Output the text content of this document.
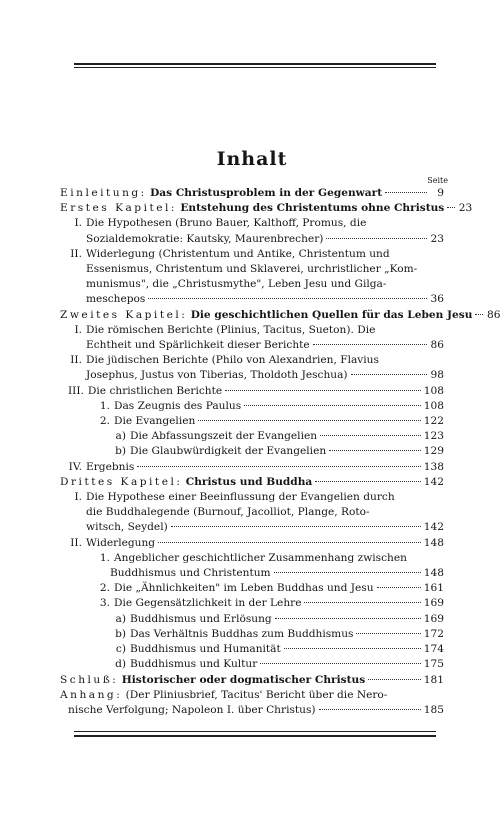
Inhalt
Seite
Einleitung: Das Christusproblem in der Gegenwart	9
Erstes Kapitel: Entstehung des Christentums ohne Christus 23
I. Die Hypothesen (Bruno Bauer, Kalthoff, Promus, die
Sozialdemokratie: Kautsky, Maurenbrecher)	23
II. Widerlegung (Christentum und Antike, Christentum und
Essenismus, Christentum und Sklaverei, urchristlicher „Kom-
munismus", die „Christusmythe", Leben Jesu und Gilga-
meschepos	36
Zweites Kapitel: Die geschichtlichen Quellen für das Leben Jesu 86
I. Die römischen Berichte (Plinius, Tacitus, Sueton). Die
Echtheit und Spärlichkeit dieser Berichte	86
II. Die jüdischen Berichte (Philo von Alexandrien, Flavius
Josephus, Justus von Tiberias, Tholdoth Jeschua)	98
III. Die christlichen Berichte	108
1. Das Zeugnis des Paulus	108
2. Die Evangelien	122
a) Die Abfassungszeit der Evangelien	123
b) Die Glaubwürdigkeit der Evangelien	129
IV. Ergebnis	138
Drittes Kapitel: Christus und Buddha	142
I. Die Hypothese einer Beeinflussung der Evangelien durch
die Buddhalegende (Burnouf, Jacolliot, Plange, Roto-
witsch, Seydel)	142
II. Widerlegung	148
1. Angeblicher geschichtlicher Zusammenhang zwischen
Buddhismus und Christentum	148
2. Die „Ähnlichkeiten" im Leben Buddhas und Jesu	161
3. Die Gegensätzlichkeit in der Lehre	169
a) Buddhismus und Erlösung	169
b) Das Verhältnis Buddhas zum Buddhismus	172
c) Buddhismus und Humanität	174
d) Buddhismus und Kultur	175
Schluß: Historischer oder dogmatischer Christus	181
Anhang: (Der Pliniusbrief, Tacitus' Bericht über die Nero-
nische Verfolgung; Napoleon I. über Christus)	185
